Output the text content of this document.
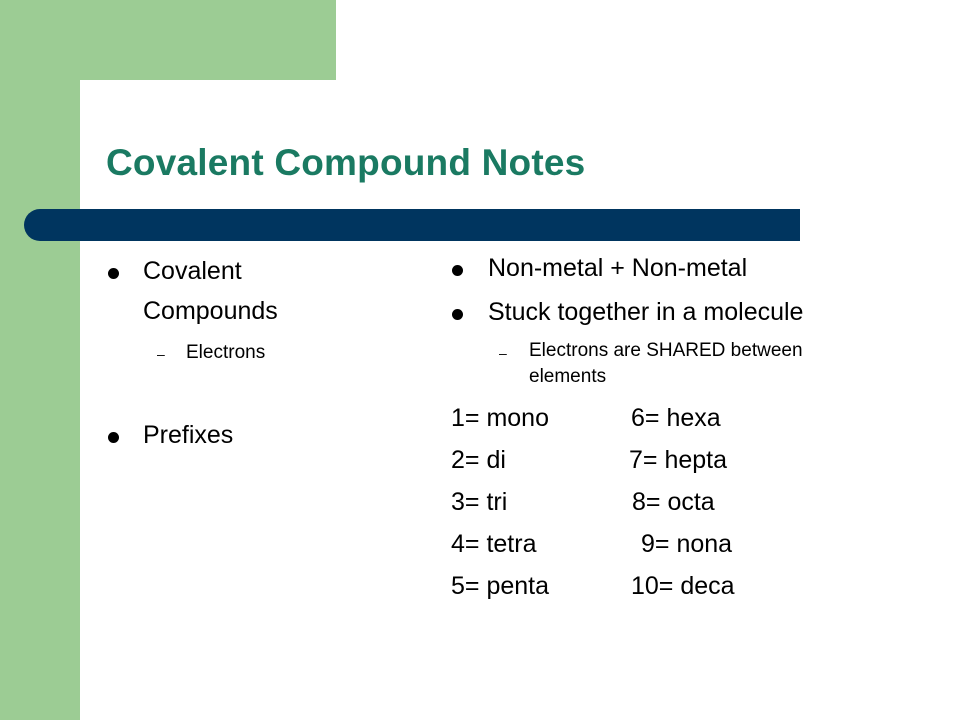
Covalent Compound Notes
Covalent
Compounds
– Electrons
Prefixes
Non-metal + Non-metal
Stuck together in a molecule
– Electrons are SHARED between
elements
1= mono
2= di
3= tri
4= tetra
5= penta
6= hexa
7= hepta
8= octa
9= nona
10= deca
